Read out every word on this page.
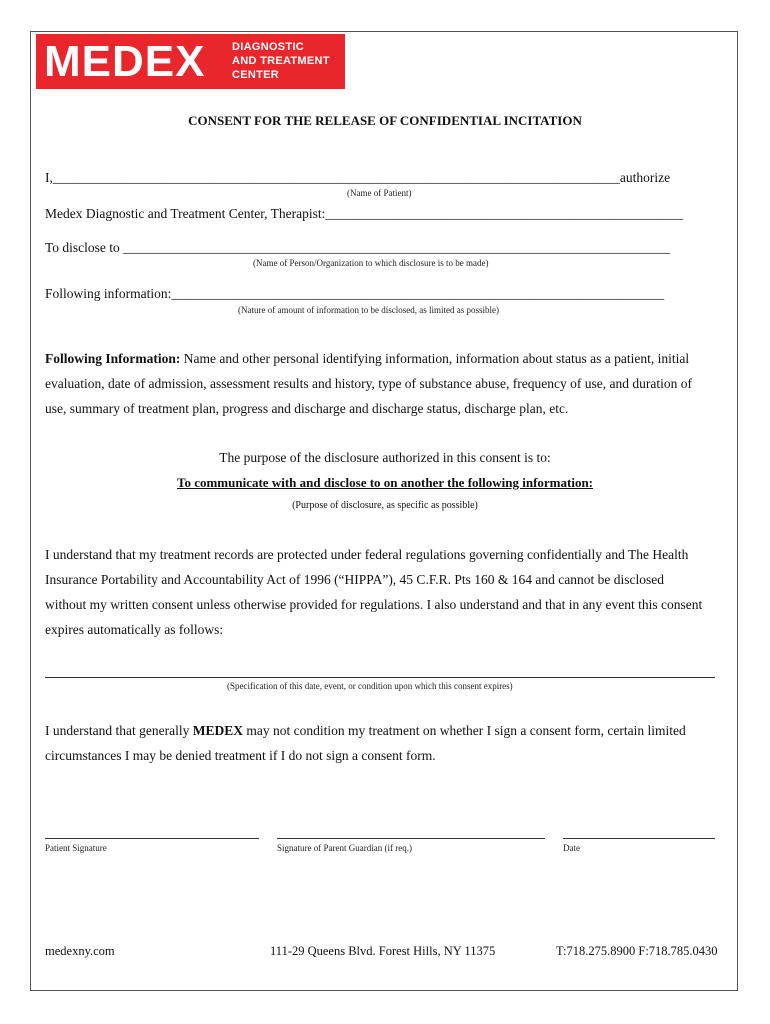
MEDEX DIAGNOSTIC
AND TREATMENT
CENTER
CONSENT FOR THE RELEASE OF CONFIDENTIAL INCITATION
I,____________________________________________________________________________________authorize
(Name of Patient)
Medex Diagnostic and Treatment Center, Therapist:_____________________________________________________
To disclose to _________________________________________________________________________________
(Name of Person/Organization to which disclosure is to be made)
Following information:_________________________________________________________________________
(Nature of amount of information to be disclosed, as limited as possible)
Following Information: Name and other personal identifying information, information about status as a patient, initial
evaluation, date of admission, assessment results and history, type of substance abuse, frequency of use, and duration of
use, summary of treatment plan, progress and discharge and discharge status, discharge plan, etc.
The purpose of the disclosure authorized in this consent is to:
To communicate with and disclose to on another the following information:
(Purpose of disclosure, as specific as possible)
I understand that my treatment records are protected under federal regulations governing confidentially and The Health
Insurance Portability and Accountability Act of 1996 (“HIPPA”), 45 C.F.R. Pts 160 & 164 and cannot be disclosed
without my written consent unless otherwise provided for regulations. I also understand and that in any event this consent
expires automatically as follows:
(Specification of this date, event, or condition upon which this consent expires)
I understand that generally MEDEX may not condition my treatment on whether I sign a consent form, certain limited
circumstances I may be denied treatment if I do not sign a consent form.
Patient Signature	Signature of Parent Guardian (if req.)	Date
medexny.com	111-29 Queens Blvd. Forest Hills, NY 11375	T:718.275.8900 F:718.785.0430
